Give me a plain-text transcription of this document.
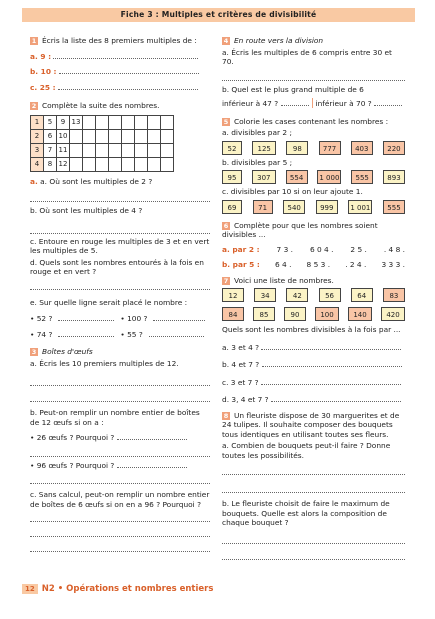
Fiche 3 : Multiples et critères de divisibilité
1 Écris la liste des 8 premiers multiples de :
a. 9 :
b. 10 :
c. 25 :
2 Complète la suite des nombres.
1	5	9	13							
2	6	10								
3	7	11								
4	8	12								
a. a. Où sont les multiples de 2 ?
b. Où sont les multiples de 4 ?
c. Entoure en rouge les multiples de 3 et en vert les multiples de 5.
d. Quels sont les nombres entourés à la fois en rouge et en vert ?
e. Sur quelle ligne serait placé le nombre :
• 52 ?	• 100 ?
• 74 ?	• 55 ?
3 Boîtes d'œufs
a. Écris les 10 premiers multiples de 12.
b. Peut-on remplir un nombre entier de boîtes de 12 œufs si on a :
• 26 œufs ? Pourquoi ?
• 96 œufs ? Pourquoi ?
c. Sans calcul, peut-on remplir un nombre entier de boîtes de 6 œufs si on en a 96 ? Pourquoi ?
4 En route vers la division
a. Écris les multiples de 6 compris entre 30 et 70.
b. Quel est le plus grand multiple de 6
inférieur à 47 ?	inférieur à 70 ?
5 Colorie les cases contenant les nombres :
a. divisibles par 2 ;
52	125	98	777	403	220
b. divisibles par 5 ;
95	307	554	1 000	555	893
c. divisibles par 10 si on leur ajoute 1.
69	71	540	999	1 001	555
6 Complète pour que les nombres soient divisibles ...
a. par 2 : 7 3 . 6 0 4 . 2 5 . . 4 8 .
b. par 5 : 6 4 . 8 5 3 . . 2 4 . 3 3 3 .
7 Voici une liste de nombres.
12	34	42	56	64	83
84	85	90	100	140	420
Quels sont les nombres divisibles à la fois par ...
a. 3 et 4 ?
b. 4 et 7 ?
c. 3 et 7 ?
d. 3, 4 et 7 ?
8 Un fleuriste dispose de 30 marguerites et de 24 tulipes. Il souhaite composer des bouquets tous identiques en utilisant toutes ses fleurs.
a. Combien de bouquets peut-il faire ? Donne toutes les possibilités.
b. Le fleuriste choisit de faire le maximum de bouquets. Quelle est alors la composition de chaque bouquet ?
12 N2 • Opérations et nombres entiers
